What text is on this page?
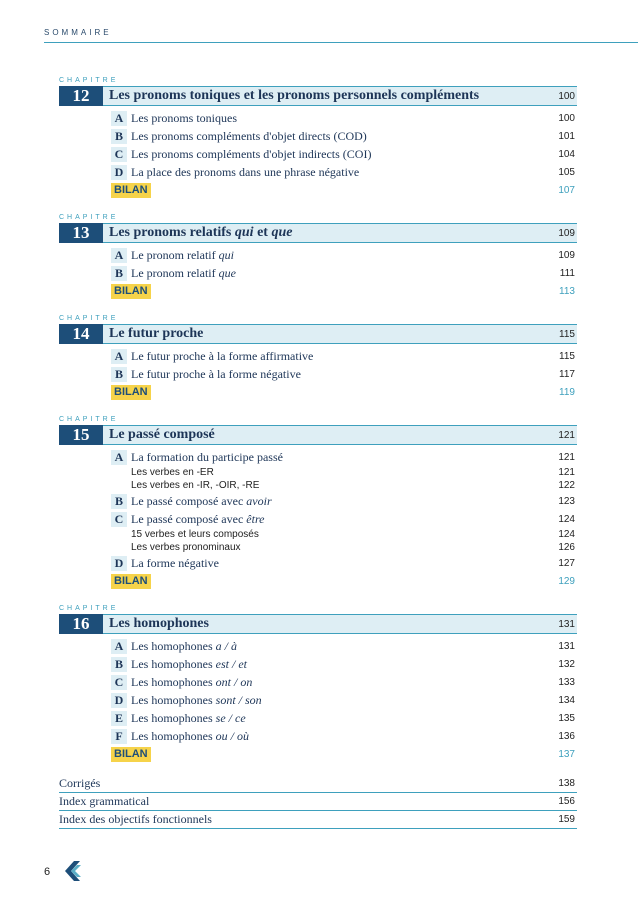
SOMMAIRE
CHAPITRE
12	Les pronoms toniques et les pronoms personnels compléments	100
A Les pronoms toniques	100
B Les pronoms compléments d'objet directs (COD)	101
C Les pronoms compléments d'objet indirects (COI)	104
D La place des pronoms dans une phrase négative	105
BILAN	107
CHAPITRE
13	Les pronoms relatifs qui et que	109
A Le pronom relatif qui	109
B Le pronom relatif que	111
BILAN	113
CHAPITRE
14	Le futur proche	115
A Le futur proche à la forme affirmative	115
B Le futur proche à la forme négative	117
BILAN	119
CHAPITRE
15	Le passé composé	121
A La formation du participe passé	121
Les verbes en -ER	121
Les verbes en -IR, -OIR, -RE	122
B Le passé composé avec avoir	123
C Le passé composé avec être	124
15 verbes et leurs composés	124
Les verbes pronominaux	126
D La forme négative	127
BILAN	129
CHAPITRE
16	Les homophones	131
A Les homophones a / à	131
B Les homophones est / et	132
C Les homophones ont / on	133
D Les homophones sont / son	134
E Les homophones se / ce	135
F Les homophones ou / où	136
BILAN	137
Corrigés	138
Index grammatical	156
Index des objectifs fonctionnels	159
6
